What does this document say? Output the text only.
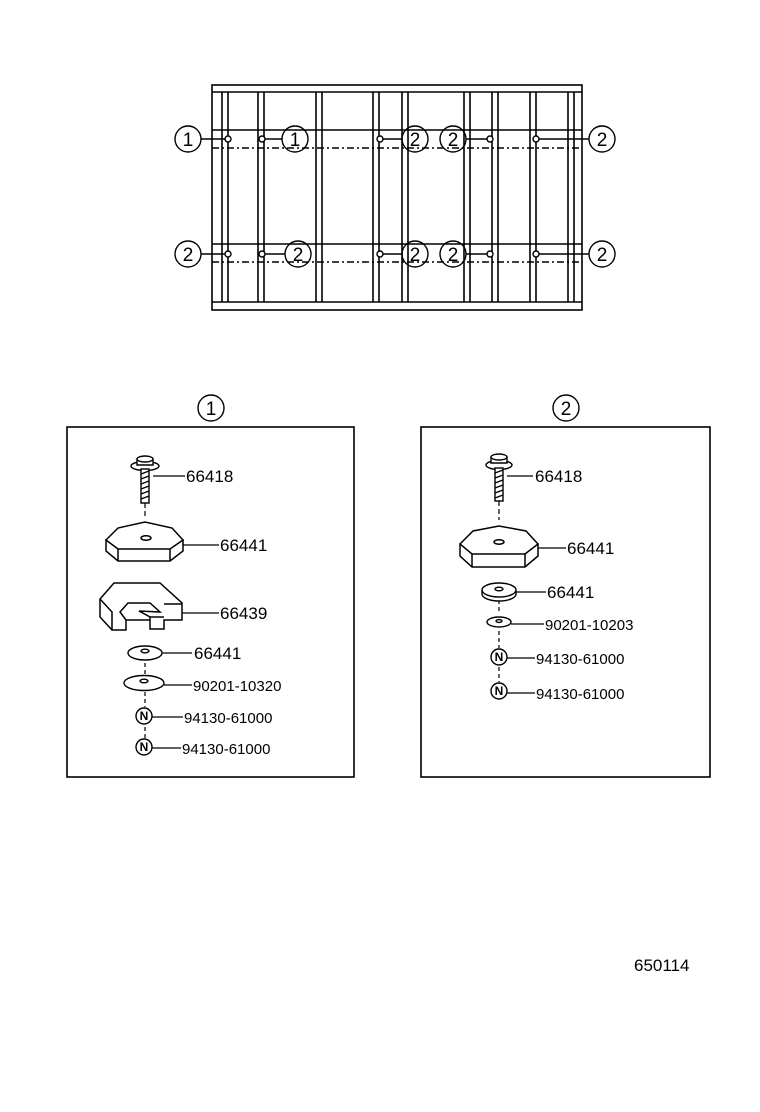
1	1	2 2	2
2	2	2 2	2
1
N
N
66418
66441
66439
66441
90201-10320
94130-61000
94130-61000
2
N
N
66418
66441
66441
90201-10203
94130-61000
94130-61000
650114
